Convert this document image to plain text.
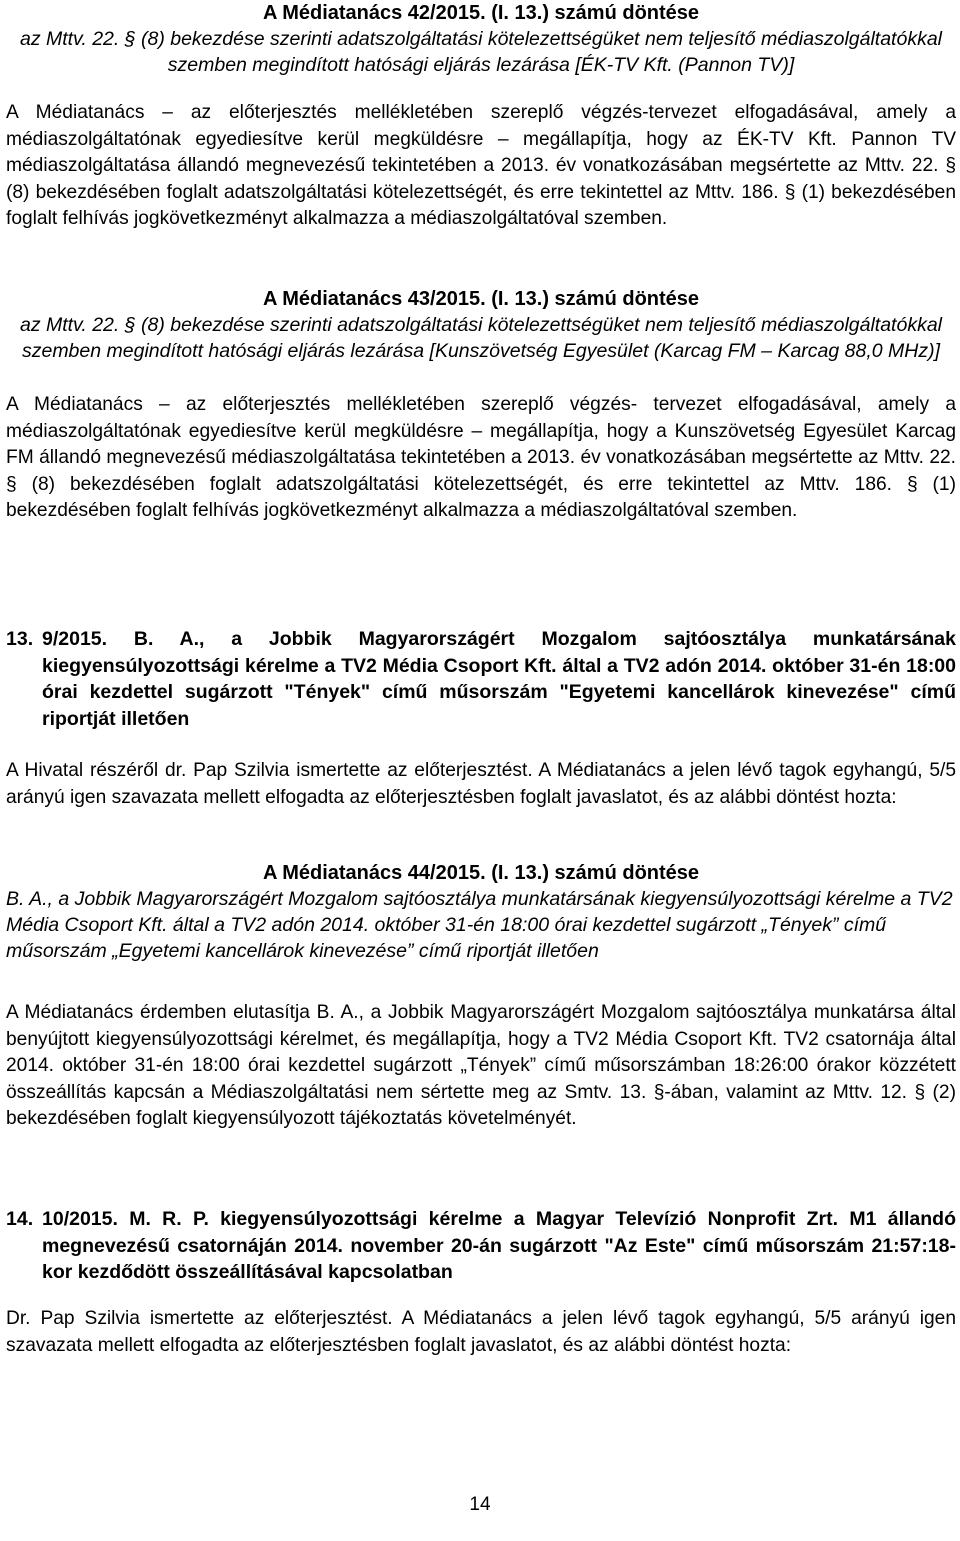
A Médiatanács 42/2015. (I. 13.) számú döntése

az Mttv. 22. § (8) bekezdése szerinti adatszolgáltatási kötelezettségüket nem teljesítő médiaszolgáltatókkal szemben megindított hatósági eljárás lezárása [ÉK-TV Kft. (Pannon TV)]

A Médiatanács – az előterjesztés mellékletében szereplő végzés-tervezet elfogadásával, amely a médiaszolgáltatónak egyediesítve kerül megküldésre – megállapítja, hogy az ÉK-TV Kft. Pannon TV médiaszolgáltatása állandó megnevezésű tekintetében a 2013. év vonatkozásában megsértette az Mttv. 22. § (8) bekezdésében foglalt adatszolgáltatási kötelezettségét, és erre tekintettel az Mttv. 186. § (1) bekezdésében foglalt felhívás jogkövetkezményt alkalmazza a médiaszolgáltatóval szemben.

A Médiatanács 43/2015. (I. 13.) számú döntése

az Mttv. 22. § (8) bekezdése szerinti adatszolgáltatási kötelezettségüket nem teljesítő médiaszolgáltatókkal szemben megindított hatósági eljárás lezárása [Kunszövetség Egyesület (Karcag FM – Karcag 88,0 MHz)]

A Médiatanács – az előterjesztés mellékletében szereplő végzés- tervezet elfogadásával, amely a médiaszolgáltatónak egyediesítve kerül megküldésre – megállapítja, hogy a Kunszövetség Egyesület Karcag FM állandó megnevezésű médiaszolgáltatása tekintetében a 2013. év vonatkozásában megsértette az Mttv. 22. § (8) bekezdésében foglalt adatszolgáltatási kötelezettségét, és erre tekintettel az Mttv. 186. § (1) bekezdésében foglalt felhívás jogkövetkezményt alkalmazza a médiaszolgáltatóval szemben.

13. 9/2015. B. A., a Jobbik Magyarországért Mozgalom sajtóosztálya munkatársának kiegyensúlyozottsági kérelme a TV2 Média Csoport Kft. által a TV2 adón 2014. október 31-én 18:00 órai kezdettel sugárzott "Tények" című műsorszám "Egyetemi kancellárok kinevezése" című riportját illetően

A Hivatal részéről dr. Pap Szilvia ismertette az előterjesztést. A Médiatanács a jelen lévő tagok egyhangú, 5/5 arányú igen szavazata mellett elfogadta az előterjesztésben foglalt javaslatot, és az alábbi döntést hozta:

A Médiatanács 44/2015. (I. 13.) számú döntése

B. A., a Jobbik Magyarországért Mozgalom sajtóosztálya munkatársának kiegyensúlyozottsági kérelme a TV2 Média Csoport Kft. által a TV2 adón 2014. október 31-én 18:00 órai kezdettel sugárzott „Tények” című műsorszám „Egyetemi kancellárok kinevezése” című riportját illetően

A Médiatanács érdemben elutasítja B. A., a Jobbik Magyarországért Mozgalom sajtóosztálya munkatársa által benyújtott kiegyensúlyozottsági kérelmet, és megállapítja, hogy a TV2 Média Csoport Kft. TV2 csatornája által 2014. október 31-én 18:00 órai kezdettel sugárzott „Tények” című műsorszámban 18:26:00 órakor közzétett összeállítás kapcsán a Médiaszolgáltatási nem sértette meg az Smtv. 13. §-ában, valamint az Mttv. 12. § (2) bekezdésében foglalt kiegyensúlyozott tájékoztatás követelményét.

14. 10/2015. M. R. P. kiegyensúlyozottsági kérelme a Magyar Televízió Nonprofit Zrt. M1 állandó megnevezésű csatornáján 2014. november 20-án sugárzott "Az Este" című műsorszám 21:57:18-kor kezdődött összeállításával kapcsolatban

Dr. Pap Szilvia ismertette az előterjesztést. A Médiatanács a jelen lévő tagok egyhangú, 5/5 arányú igen szavazata mellett elfogadta az előterjesztésben foglalt javaslatot, és az alábbi döntést hozta:

14
